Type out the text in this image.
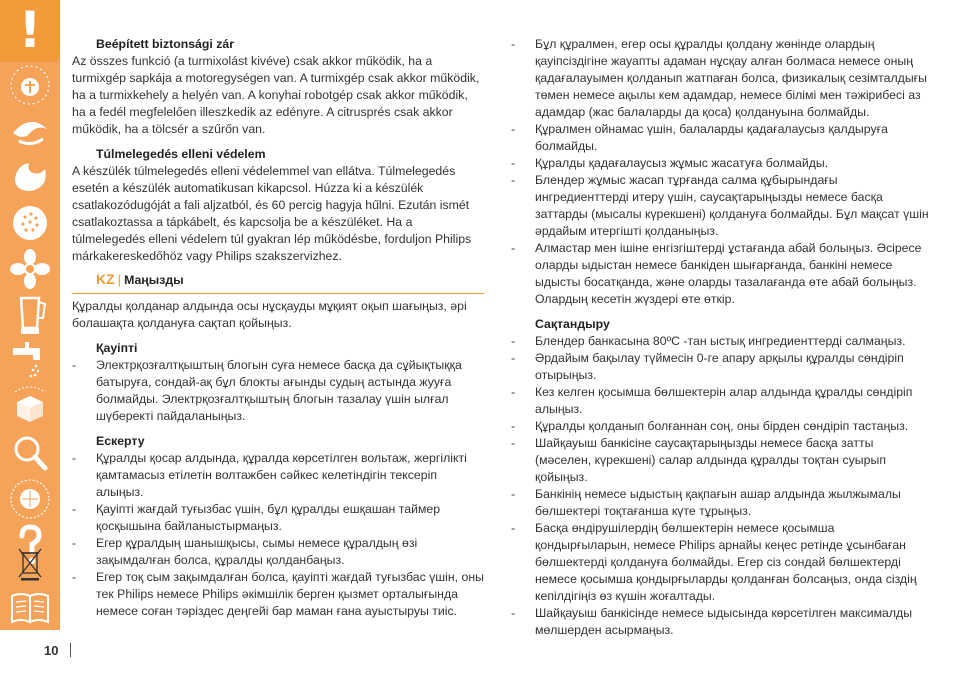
!
10
Beépített biztonsági zár
Az összes funkció (a turmixolást kivéve) csak akkor működik, ha a turmixgép sapkája a motoregységen van. A turmixgép csak akkor működik, ha a turmixkehely a helyén van. A konyhai robotgép csak akkor működik, ha a fedél megfelelően illeszkedik az edényre. A citrusprés csak akkor működik, ha a tölcsér a szűrőn van.
Túlmelegedés elleni védelem
A készülék túlmelegedés elleni védelemmel van ellátva. Túlmelegedés esetén a készülék automatikusan kikapcsol. Húzza ki a készülék csatlakozódugóját a fali aljzatból, és 60 percig hagyja hűlni. Ezután ismét csatlakoztassa a tápkábelt, és kapcsolja be a készüléket. Ha a túlmelegedés elleni védelem túl gyakran lép működésbe, forduljon Philips márkakereskedőhöz vagy Philips szakszervizhez.
KZ | Маңызды
Құралды қолданар алдында осы нұсқауды мұқият оқып шағыңыз, әрі болашақта қолдануға сақтап қойыңыз.
Қауіпті
- Электрқозғалтқыштың блогын суға немесе басқа да сұйықтыққа батыруға, сондай-ақ бұл блокты ағынды судың астында жууға болмайды. Электрқозғалтқыштың блогын тазалау үшін ылғал шүберекті пайдаланыңыз.
Ескерту
- Құралды қосар алдында, құралда көрсетілген вольтаж, жергілікті қамтамасыз етілетін волтажбен сәйкес келетіндігін тексеріп алыңыз.
- Қауіпті жағдай туғызбас үшін, бұл құралды ешқашан таймер қосқышына байланыстырмаңыз.
- Егер құралдың шанышқысы, сымы немесе құралдың өзі зақымдалған болса, құралды қолданбаңыз.
- Егер тоқ сым зақымдалған болса, қауіпті жағдай туғызбас үшін, оны тек Philips немесе Philips әкімшілік берген қызмет орталығында немесе соған тәріздес деңгейі бар маман ғана ауыстыруы тиіс.
- Бұл құралмен, егер осы құралды қолдану жөнінде олардың қауіпсіздігіне жауапты адаман нұсқау алған болмаса немесе оның қадағалауымен қолданып жатпаған болса, физикалық сезімталдығы төмен немесе ақылы кем адамдар, немесе білімі мен тәжірибесі аз адамдар (жас балаларды да қоса) қолдануына болмайды.
- Құралмен ойнамас үшін, балаларды қадағалаусыз қалдыруға болмайды.
- Құралды қадағалаусыз жұмыс жасатуға болмайды.
- Блендер жұмыс жасап тұрғанда салма құбырындағы ингредиенттерді итеру үшін, саусақтарыңызды немесе басқа заттарды (мысалы күрекшені) қолдануға болмайды. Бұл мақсат үшін әрдайым итергішті қолданыңыз.
- Алмастар мен ішіне енгізгіштерді ұстағанда абай болыңыз. Әсіресе оларды ыдыстан немесе банкіден шығарғанда, банкіні немесе ыдысты босатқанда, және оларды тазалағанда өте абай болыңыз. Олардың кесетін жүздері өте өткір.
Сақтандыру
- Блендер банкасына 80ºC -тан ыстық ингредиенттерді салмаңыз.
- Әрдайым бақылау түймесін 0-ге апару арқылы құралды сөндіріп отырыңыз.
- Кез келген қосымша бөлшектерін алар алдында құралды сөндіріп алыңыз.
- Құралды қолданып болғаннан соң, оны бірден сөндіріп тастаңыз.
- Шайқауыш банкісіне саусақтарыңызды немесе басқа затты (мәселен, күрекшені) салар алдында құралды тоқтан суырып қойыңыз.
- Банкінің немесе ыдыстың қақпағын ашар алдында жылжымалы бөлшектері тоқтағанша күте тұрыңыз.
- Басқа өндірушілердің бөлшектерін немесе қосымша қондырғыларын, немесе Philips арнайы кеңес ретінде ұсынбаған бөлшектерді қолдануға болмайды. Егер сіз сондай бөлшектерді немесе қосымша қондырғыларды қолданған болсаңыз, онда сіздің кепілдігіңіз өз күшін жоғалтады.
- Шайқауыш банкісінде немесе ыдысында көрсетілген максималды мөлшерден асырмаңыз.
